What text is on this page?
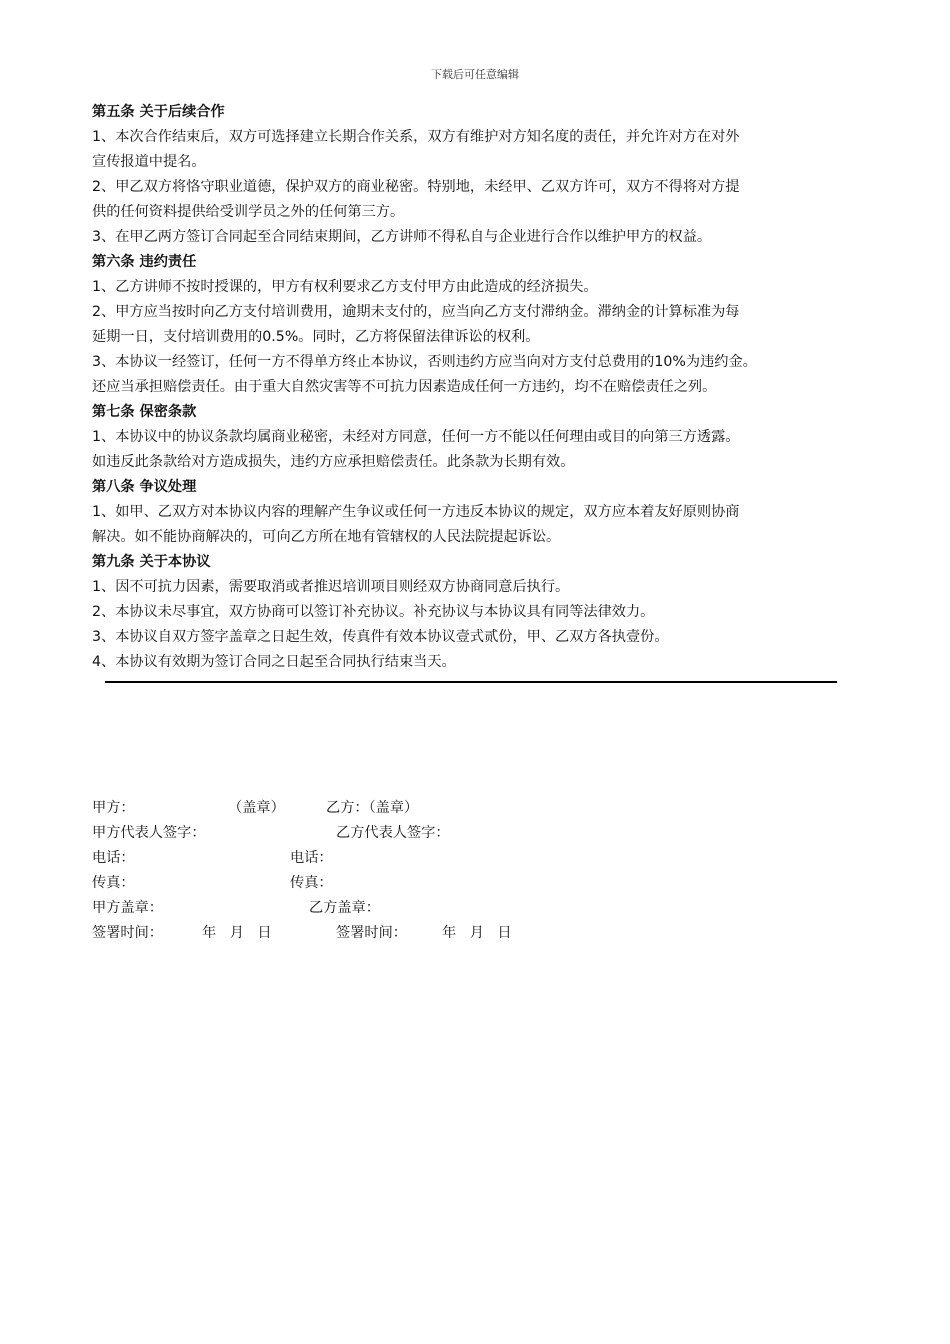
下载后可任意编辑

第五条 关于后续合作

1、本次合作结束后，双方可选择建立长期合作关系，双方有维护对方知名度的责任，并允许对方在对外

宣传报道中提名。

2、甲乙双方将恪守职业道德，保护双方的商业秘密。特别地，未经甲、乙双方许可，双方不得将对方提

供的任何资料提供给受训学员之外的任何第三方。

3、在甲乙两方签订合同起至合同结束期间，乙方讲师不得私自与企业进行合作以维护甲方的权益。

第六条 违约责任

1、乙方讲师不按时授课的，甲方有权利要求乙方支付甲方由此造成的经济损失。

2、甲方应当按时向乙方支付培训费用，逾期未支付的，应当向乙方支付滞纳金。滞纳金的计算标准为每

延期一日，支付培训费用的0.5%。同时，乙方将保留法律诉讼的权利。

3、本协议一经签订，任何一方不得单方终止本协议，否则违约方应当向对方支付总费用的10%为违约金。

还应当承担赔偿责任。由于重大自然灾害等不可抗力因素造成任何一方违约，均不在赔偿责任之列。

第七条 保密条款

1、本协议中的协议条款均属商业秘密，未经对方同意，任何一方不能以任何理由或目的向第三方透露。

如违反此条款给对方造成损失，违约方应承担赔偿责任。此条款为长期有效。

第八条 争议处理

1、如甲、乙双方对本协议内容的理解产生争议或任何一方违反本协议的规定，双方应本着友好原则协商

解决。如不能协商解决的，可向乙方所在地有管辖权的人民法院提起诉讼。

第九条 关于本协议

1、因不可抗力因素，需要取消或者推迟培训项目则经双方协商同意后执行。

2、本协议未尽事宜，双方协商可以签订补充协议。补充协议与本协议具有同等法律效力。

3、本协议自双方签字盖章之日起生效，传真件有效本协议壹式贰份，甲、乙双方各执壹份。

4、本协议有效期为签订合同之日起至合同执行结束当天。

甲方：	（盖章）	乙方：（盖章）
甲方代表人签字：	乙方代表人签字：
电话：	电话：
传真：	传真：
甲方盖章：	乙方盖章：
签署时间：	年   月   日	签署时间： 年   月   日
